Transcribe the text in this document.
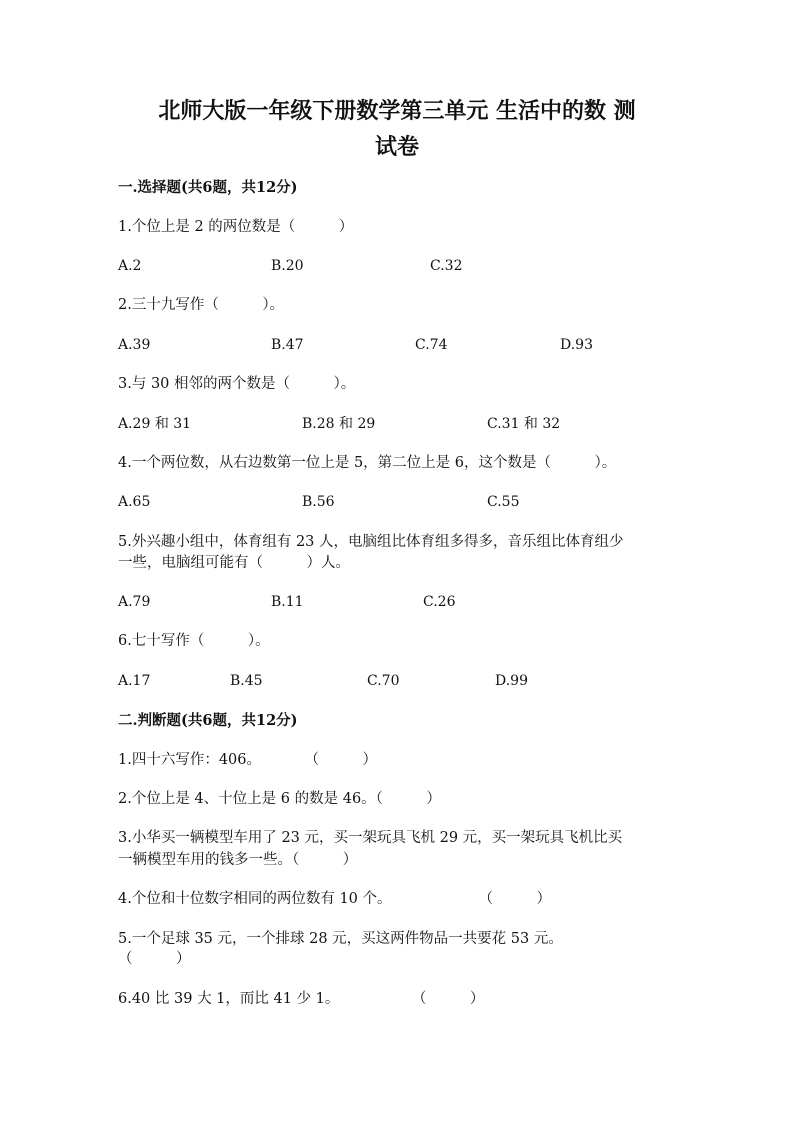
北师大版一年级下册数学第三单元 生活中的数 测
试卷
一.选择题(共6题，共12分)
1.个位上是 2 的两位数是（　　　）
A.2	B.20	C.32
2.三十九写作（　　　）。
A.39	B.47	C.74	D.93
3.与 30 相邻的两个数是（　　　）。
A.29 和 31	B.28 和 29	C.31 和 32
4.一个两位数，从右边数第一位上是 5，第二位上是 6，这个数是（　　　）。
A.65	B.56	C.55
5.外兴趣小组中，体育组有 23 人，电脑组比体育组多得多，音乐组比体育组少
一些，电脑组可能有（　　　）人。
A.79	B.11	C.26
6.七十写作（　　　）。
A.17	B.45	C.70	D.99
二.判断题(共6题，共12分)
1.四十六写作：406。　　　　（　　　）
2.个位上是 4、十位上是 6 的数是 46。（　　　）
3.小华买一辆模型车用了 23 元，买一架玩具飞机 29 元，买一架玩具飞机比买
一辆模型车用的钱多一些。（　　　）
4.个位和十位数字相同的两位数有 10 个。　　　　　　　（　　　）
5.一个足球 35 元，一个排球 28 元，买这两件物品一共要花 53 元。
（　　　）
6.40 比 39 大 1，而比 41 少 1。　　　　　　（　　　）
